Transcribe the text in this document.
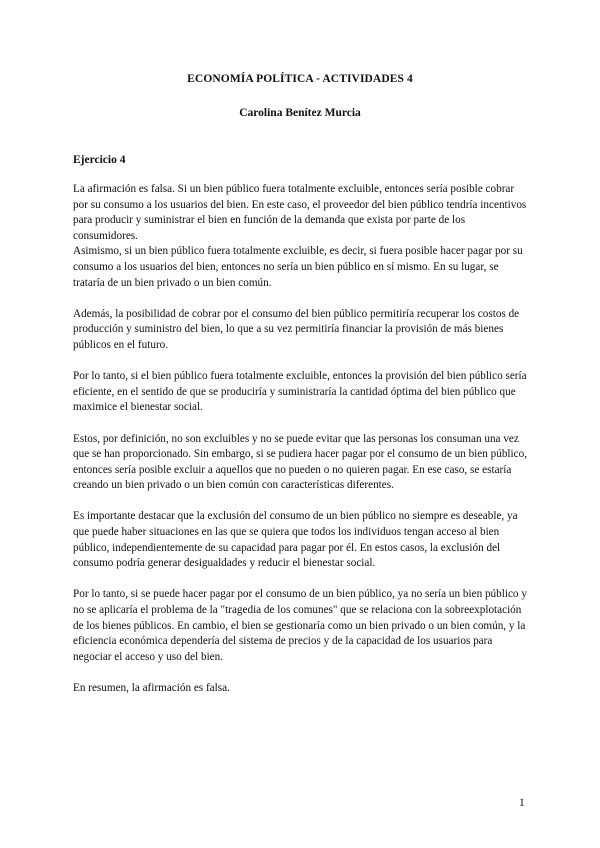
ECONOMÍA POLÍTICA - ACTIVIDADES 4
Carolina Benítez Murcia
Ejercicio 4

La afirmación es falsa. Si un bien público fuera totalmente excluible, entonces sería posible cobrar por su consumo a los usuarios del bien. En este caso, el proveedor del bien público tendría incentivos para producir y suministrar el bien en función de la demanda que exista por parte de los consumidores.

Asimismo, si un bien público fuera totalmente excluible, es decir, si fuera posible hacer pagar por su consumo a los usuarios del bien, entonces no sería un bien público en sí mismo. En su lugar, se trataría de un bien privado o un bien común.

Además, la posibilidad de cobrar por el consumo del bien público permitiría recuperar los costos de producción y suministro del bien, lo que a su vez permitiría financiar la provisión de más bienes públicos en el futuro.

Por lo tanto, si el bien público fuera totalmente excluible, entonces la provisión del bien público sería eficiente, en el sentido de que se produciría y suministraría la cantidad óptima del bien público que maximice el bienestar social.

Estos, por definición, no son excluibles y no se puede evitar que las personas los consuman una vez que se han proporcionado. Sin embargo, si se pudiera hacer pagar por el consumo de un bien público, entonces sería posible excluir a aquellos que no pueden o no quieren pagar. En ese caso, se estaría creando un bien privado o un bien común con características diferentes.

Es importante destacar que la exclusión del consumo de un bien público no siempre es deseable, ya que puede haber situaciones en las que se quiera que todos los individuos tengan acceso al bien público, independientemente de su capacidad para pagar por él. En estos casos, la exclusión del consumo podría generar desigualdades y reducir el bienestar social.

Por lo tanto, si se puede hacer pagar por el consumo de un bien público, ya no sería un bien público y no se aplicaría el problema de la "tragedia de los comunes" que se relaciona con la sobreexplotación de los bienes públicos. En cambio, el bien se gestionaría como un bien privado o un bien común, y la eficiencia económica dependería del sistema de precios y de la capacidad de los usuarios para negociar el acceso y uso del bien.

En resumen, la afirmación es falsa.

1
